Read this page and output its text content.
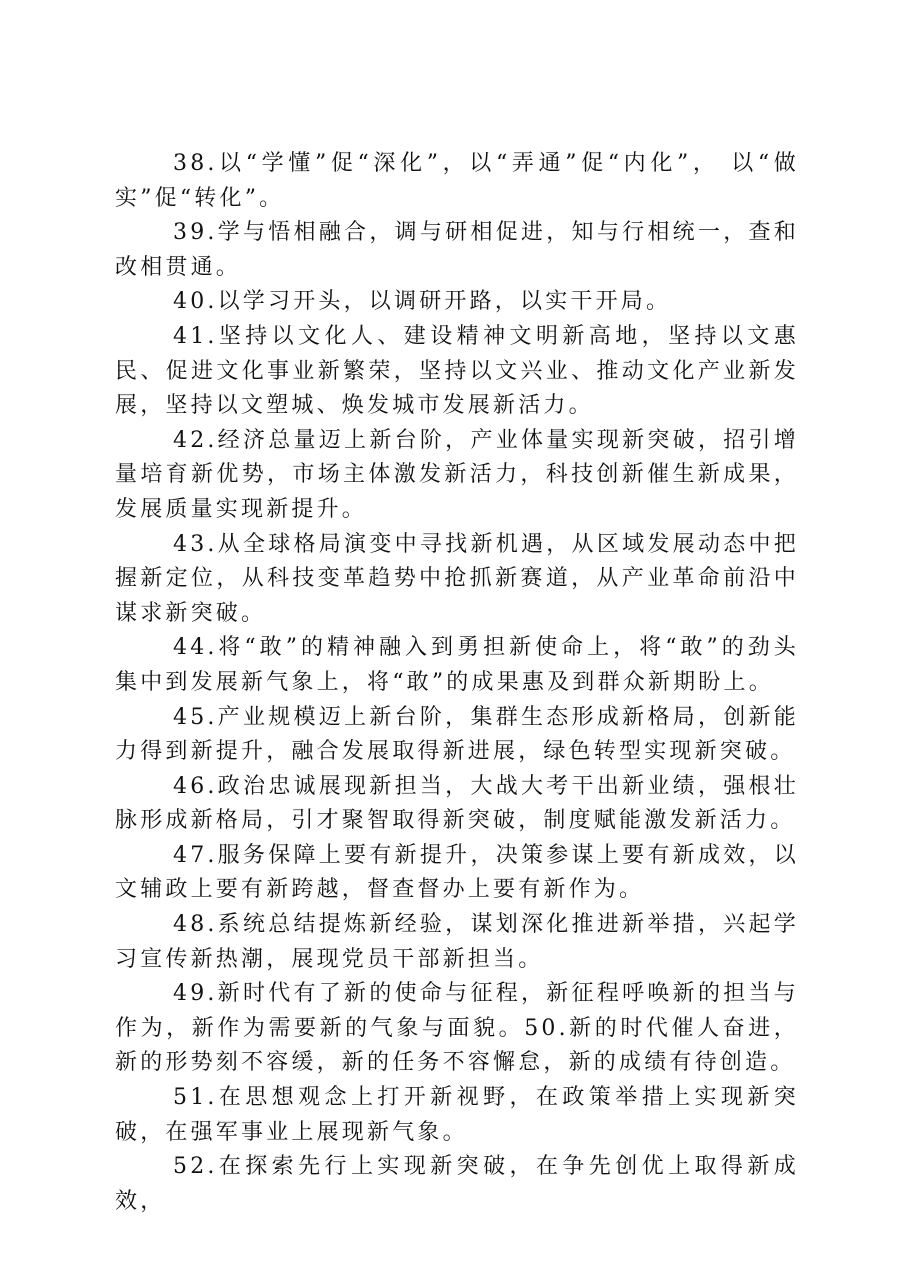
38.以“学懂”促“深化”，以“弄通”促“内化”， 以“做实”促“转化”。

39.学与悟相融合，调与研相促进，知与行相统一，查和改相贯通。

40.以学习开头，以调研开路，以实干开局。

41.坚持以文化人、建设精神文明新高地，坚持以文惠民、促进文化事业新繁荣，坚持以文兴业、推动文化产业新发展，坚持以文塑城、焕发城市发展新活力。

42.经济总量迈上新台阶，产业体量实现新突破，招引增量培育新优势，市场主体激发新活力，科技创新催生新成果，发展质量实现新提升。

43.从全球格局演变中寻找新机遇，从区域发展动态中把握新定位，从科技变革趋势中抢抓新赛道，从产业革命前沿中谋求新突破。

44.将“敢”的精神融入到勇担新使命上，将“敢”的劲头集中到发展新气象上，将“敢”的成果惠及到群众新期盼上。

45.产业规模迈上新台阶，集群生态形成新格局，创新能力得到新提升，融合发展取得新进展，绿色转型实现新突破。

46.政治忠诚展现新担当，大战大考干出新业绩，强根壮脉形成新格局，引才聚智取得新突破，制度赋能激发新活力。

47.服务保障上要有新提升，决策参谋上要有新成效，以文辅政上要有新跨越，督查督办上要有新作为。

48.系统总结提炼新经验，谋划深化推进新举措，兴起学习宣传新热潮，展现党员干部新担当。

49.新时代有了新的使命与征程，新征程呼唤新的担当与作为，新作为需要新的气象与面貌。50.新的时代催人奋进，新的形势刻不容缓，新的任务不容懈怠，新的成绩有待创造。

51.在思想观念上打开新视野，在政策举措上实现新突破，在强军事业上展现新气象。

52.在探索先行上实现新突破，在争先创优上取得新成效，
